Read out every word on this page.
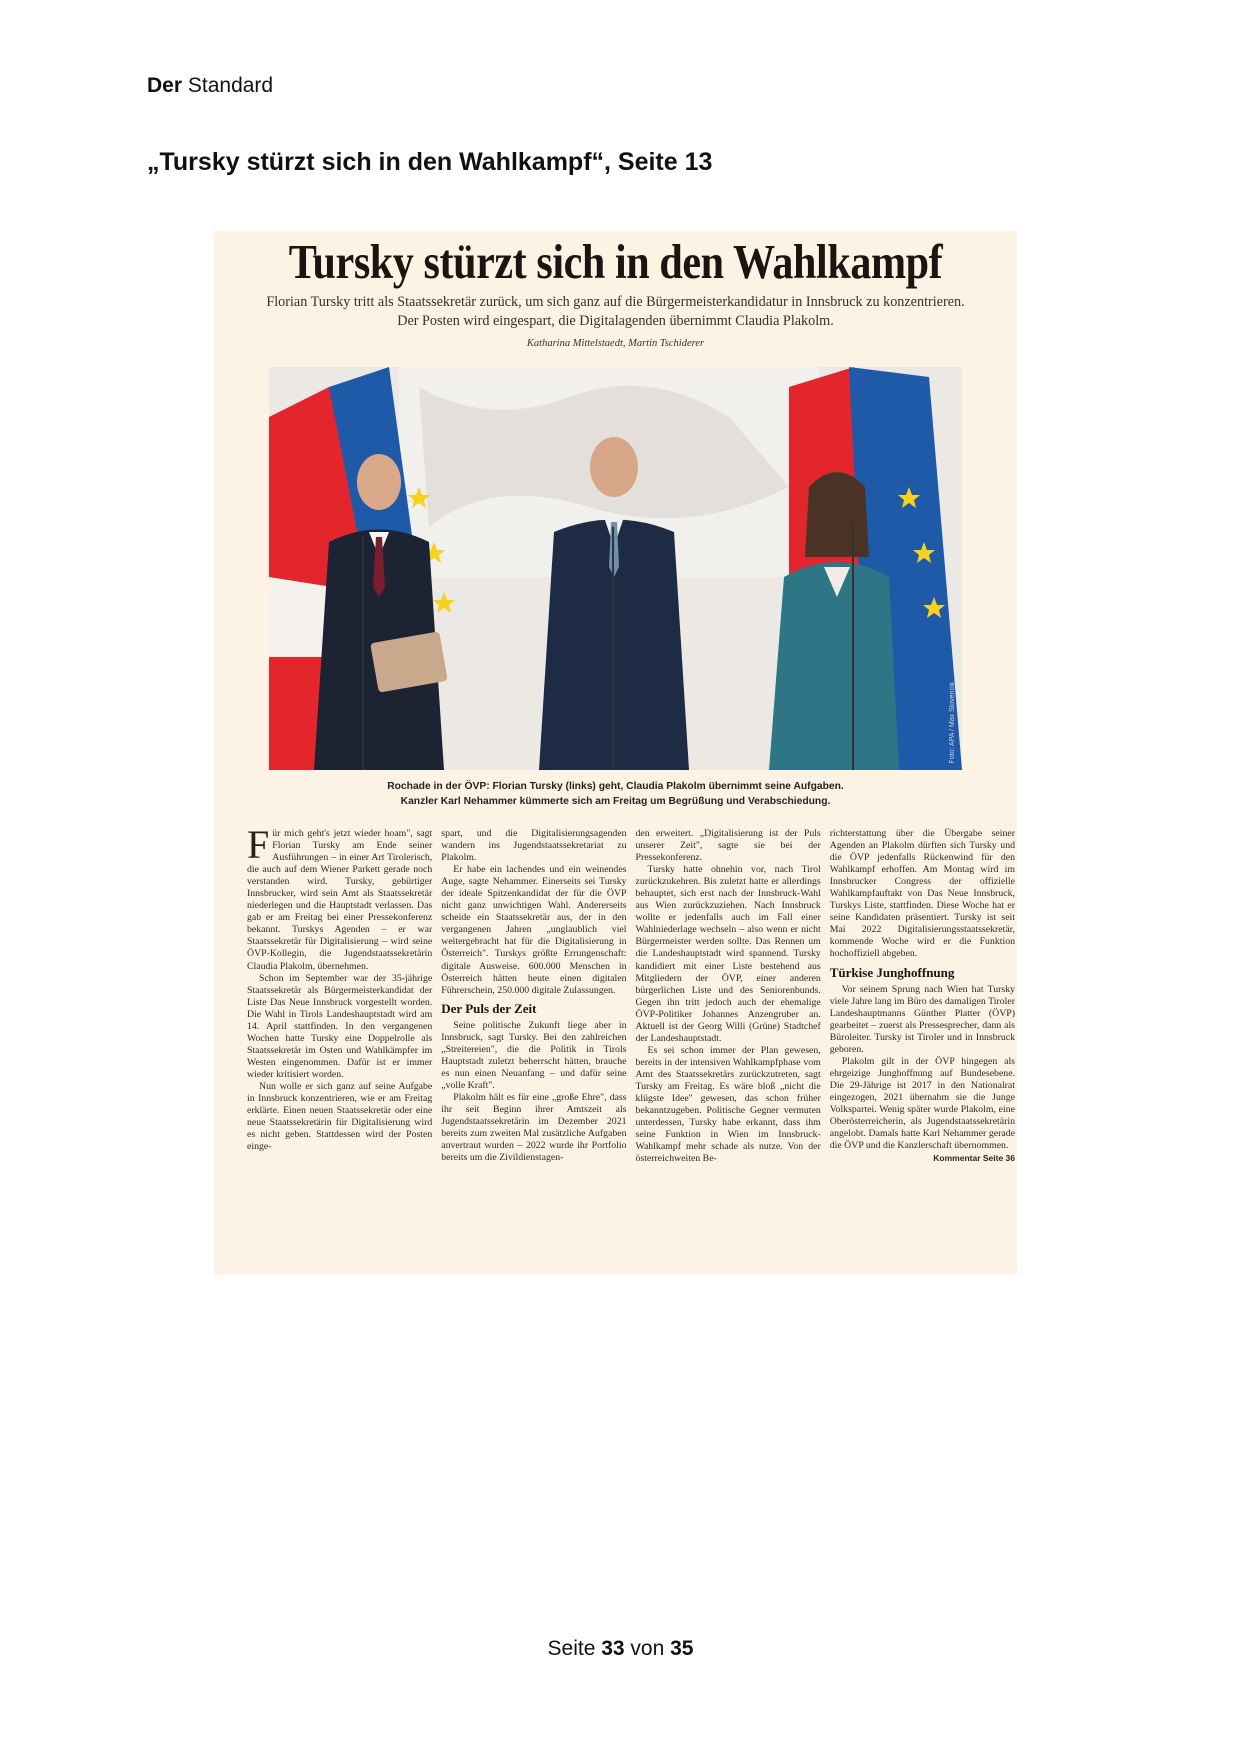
Der Standard
„Tursky stürzt sich in den Wahlkampf“, Seite 13
Tursky stürzt sich in den Wahlkampf
Florian Tursky tritt als Staatssekretär zurück, um sich ganz auf die Bürgermeisterkandidatur in Innsbruck zu konzentrieren. Der Posten wird eingespart, die Digitalagenden übernimmt Claudia Plakolm.
Katharina Mittelstaedt, Martin Tschiderer
Foto: APA / Max Slovencik
Rochade in der ÖVP: Florian Tursky (links) geht, Claudia Plakolm übernimmt seine Aufgaben.
Kanzler Karl Nehammer kümmerte sich am Freitag um Begrüßung und Verabschiedung.

Für mich geht's jetzt wieder hoam", sagt Florian Tursky am Ende seiner Ausführungen – in einer Art Tirolerisch, die auch auf dem Wiener Parkett gerade noch verstanden wird. Tursky, gebürtiger Innsbrucker, wird sein Amt als Staatssekretär niederlegen und die Hauptstadt verlassen. Das gab er am Freitag bei einer Pressekonferenz bekannt. Turskys Agenden – er war Staatssekretär für Digitalisierung – wird seine ÖVP-Kollegin, die Jugendstaatssekretärin Claudia Plakolm, übernehmen.

Schon im September war der 35-jährige Staatssekretär als Bürgermeisterkandidat der Liste Das Neue Innsbruck vorgestellt worden. Die Wahl in Tirols Landeshauptstadt wird am 14. April stattfinden. In den vergangenen Wochen hatte Tursky eine Doppelrolle als Staatssekretär im Osten und Wahlkämpfer im Westen eingenommen. Dafür ist er immer wieder kritisiert worden.

Nun wolle er sich ganz auf seine Aufgabe in Innsbruck konzentrieren, wie er am Freitag erklärte. Einen neuen Staatssekretär oder eine neue Staatssekretärin für Digitalisierung wird es nicht geben. Stattdessen wird der Posten einge-

spart, und die Digitalisierungsagenden wandern ins Jugendstaatssekretariat zu Plakolm.

Er habe ein lachendes und ein weinendes Auge, sagte Nehammer. Einerseits sei Tursky der ideale Spitzenkandidat der für die ÖVP nicht ganz unwichtigen Wahl. Andererseits scheide ein Staatssekretär aus, der in den vergangenen Jahren „unglaublich viel weitergebracht hat für die Digitalisierung in Österreich". Turskys größte Errungenschaft: digitale Ausweise. 600.000 Menschen in Österreich hätten heute einen digitalen Führerschein, 250.000 digitale Zulassungen.

Der Puls der Zeit

Seine politische Zukunft liege aber in Innsbruck, sagt Tursky. Bei den zahlreichen „Streitereien", die die Politik in Tirols Hauptstadt zuletzt beherrscht hätten, brauche es nun einen Neuanfang – und dafür seine „volle Kraft".

Plakolm hält es für eine „große Ehre", dass ihr seit Beginn ihrer Amtszeit als Jugendstaatssekretärin im Dezember 2021 bereits zum zweiten Mal zusätzliche Aufgaben anvertraut wurden – 2022 wurde ihr Portfolio bereits um die Zivildienstagen-

den erweitert. „Digitalisierung ist der Puls unserer Zeit", sagte sie bei der Pressekonferenz.

Tursky hatte ohnehin vor, nach Tirol zurückzukehren. Bis zuletzt hatte er allerdings behauptet, sich erst nach der Innsbruck-Wahl aus Wien zurückzuziehen. Nach Innsbruck wollte er jedenfalls auch im Fall einer Wahlniederlage wechseln – also wenn er nicht Bürgermeister werden sollte. Das Rennen um die Landeshauptstadt wird spannend. Tursky kandidiert mit einer Liste bestehend aus Mitgliedern der ÖVP, einer anderen bürgerlichen Liste und des Seniorenbunds. Gegen ihn tritt jedoch auch der ehemalige ÖVP-Politiker Johannes Anzengruber an. Aktuell ist der Georg Willi (Grüne) Stadtchef der Landeshauptstadt.

Es sei schon immer der Plan gewesen, bereits in der intensiven Wahlkampfphase vom Amt des Staatssekretärs zurückzutreten, sagt Tursky am Freitag. Es wäre bloß „nicht die klügste Idee" gewesen, das schon früher bekanntzugeben. Politische Gegner vermuten unterdessen, Tursky habe erkannt, dass ihm seine Funktion in Wien im Innsbruck-Wahlkampf mehr schade als nutze. Von der österreichweiten Be-

richterstattung über die Übergabe seiner Agenden an Plakolm dürften sich Tursky und die ÖVP jedenfalls Rückenwind für den Wahlkampf erhoffen. Am Montag wird im Innsbrucker Congress der offizielle Wahlkampfauftakt von Das Neue Innsbruck, Turskys Liste, stattfinden. Diese Woche hat er seine Kandidaten präsentiert. Tursky ist seit Mai 2022 Digitalisierungsstaatssekretär, kommende Woche wird er die Funktion hochoffiziell abgeben.

Türkise Junghoffnung

Vor seinem Sprung nach Wien hat Tursky viele Jahre lang im Büro des damaligen Tiroler Landeshauptmanns Günther Platter (ÖVP) gearbeitet – zuerst als Pressesprecher, dann als Büroleiter. Tursky ist Tiroler und in Innsbruck geboren.

Plakolm gilt in der ÖVP hingegen als ehrgeizige Junghoffnung auf Bundesebene. Die 29-Jährige ist 2017 in den Nationalrat eingezogen, 2021 übernahm sie die Junge Volkspartei. Wenig später wurde Plakolm, eine Oberösterreicherin, als Jugendstaatssekretärin angelobt. Damals hatte Karl Nehammer gerade die ÖVP und die Kanzlerschaft übernommen.
Kommentar Seite 36

Seite 33 von 35
